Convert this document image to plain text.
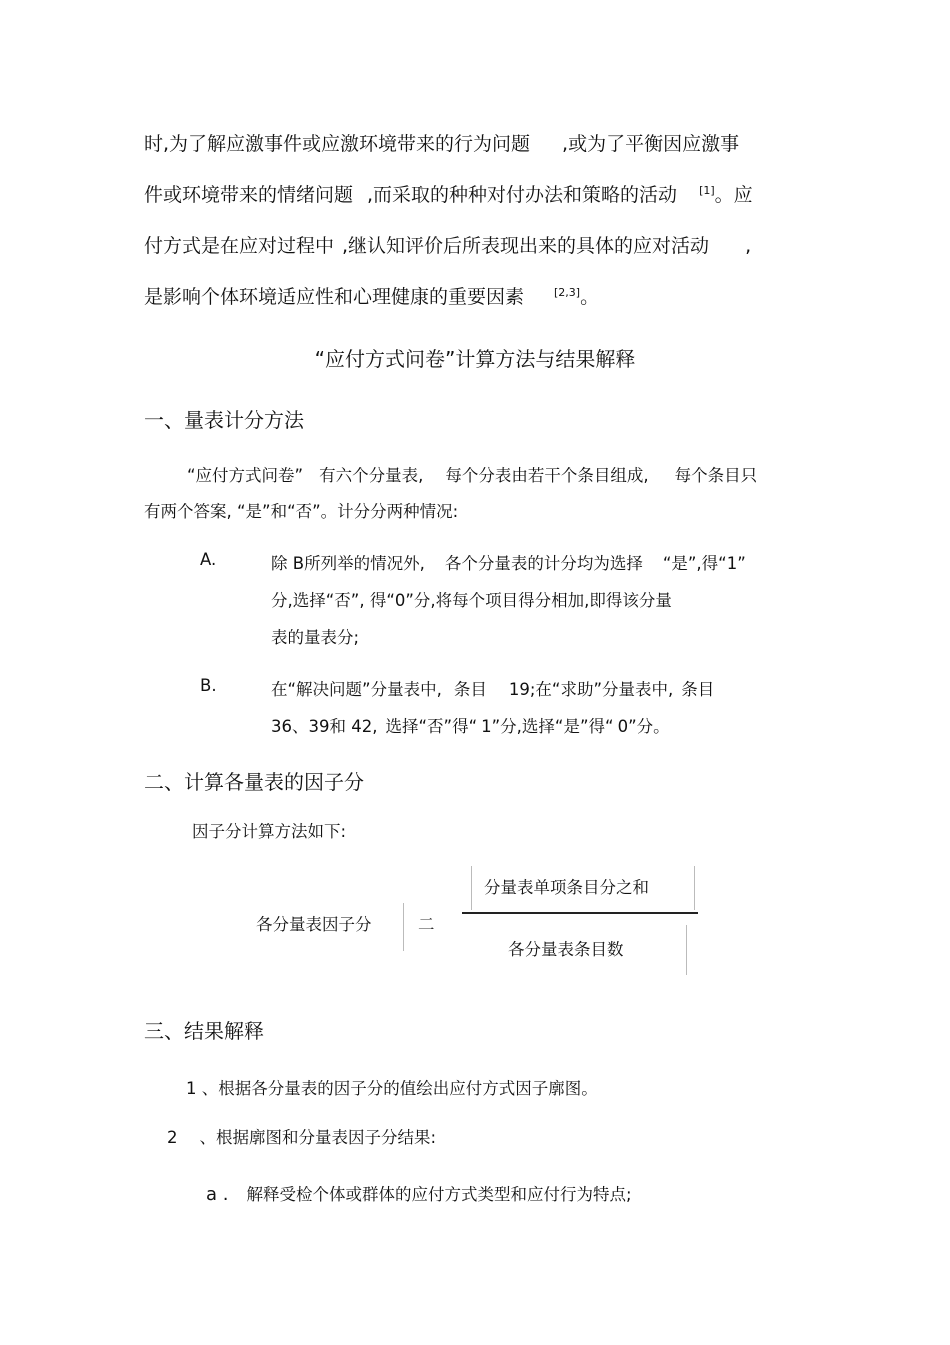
时,为了解应激事件或应激环境带来的行为问题 ,或为了平衡因应激事
件或环境带来的情绪问题 ,而采取的种种对付办法和策略的活动 [1]。应
付方式是在应对过程中 ,继认知评价后所表现出来的具体的应对活动 ,
是影响个体环境适应性和心理健康的重要因素	[2,3]。
“应付方式问卷”计算方法与结果解释
一、量表计分方法
“应付方式问卷” 有六个分量表, 每个分表由若干个条目组成, 每个条目只
有两个答案, “是”和“否”。计分分两种情况:
A.	除 B所列举的情况外, 各个分量表的计分均为选择 “是”,得“1”
分,选择“否”, 得“0”分,将每个项目得分相加,即得该分量
表的量表分;
B.	在“解决问题”分量表中, 条目 19;在“求助”分量表中, 条目
36、39和 42, 选择“否”得“ 1”分,选择“是”得“ 0”分。
二、计算各量表的因子分
因子分计算方法如下:
各分量表因子分	二
分量表单项条目分之和
各分量表条目数
三、结果解释
1 、根据各分量表的因子分的值绘出应付方式因子廓图。
2 、根据廓图和分量表因子分结果:
a . 解释受检个体或群体的应付方式类型和应付行为特点;
